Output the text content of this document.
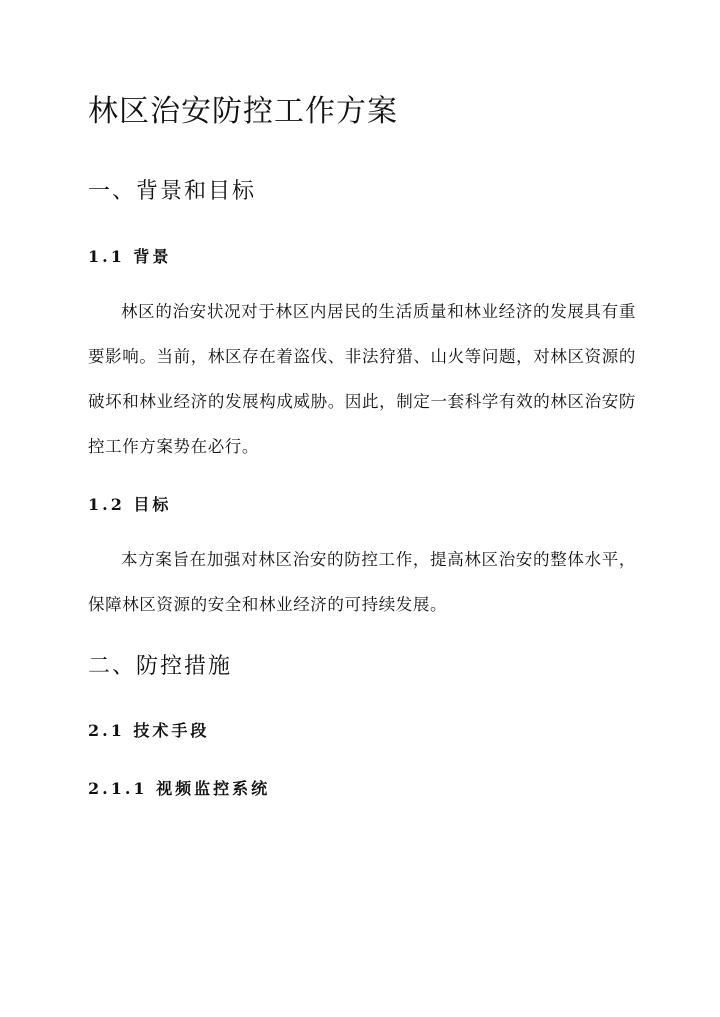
林区治安防控工作方案
一、背景和目标
1.1 背景

林区的治安状况对于林区内居民的生活质量和林业经济的发展具有重要影响。当前，林区存在着盗伐、非法狩猎、山火等问题，对林区资源的破坏和林业经济的发展构成威胁。因此，制定一套科学有效的林区治安防控工作方案势在必行。

1.2 目标

本方案旨在加强对林区治安的防控工作，提高林区治安的整体水平，保障林区资源的安全和林业经济的可持续发展。

二、防控措施
2.1 技术手段
2.1.1 视频监控系统
